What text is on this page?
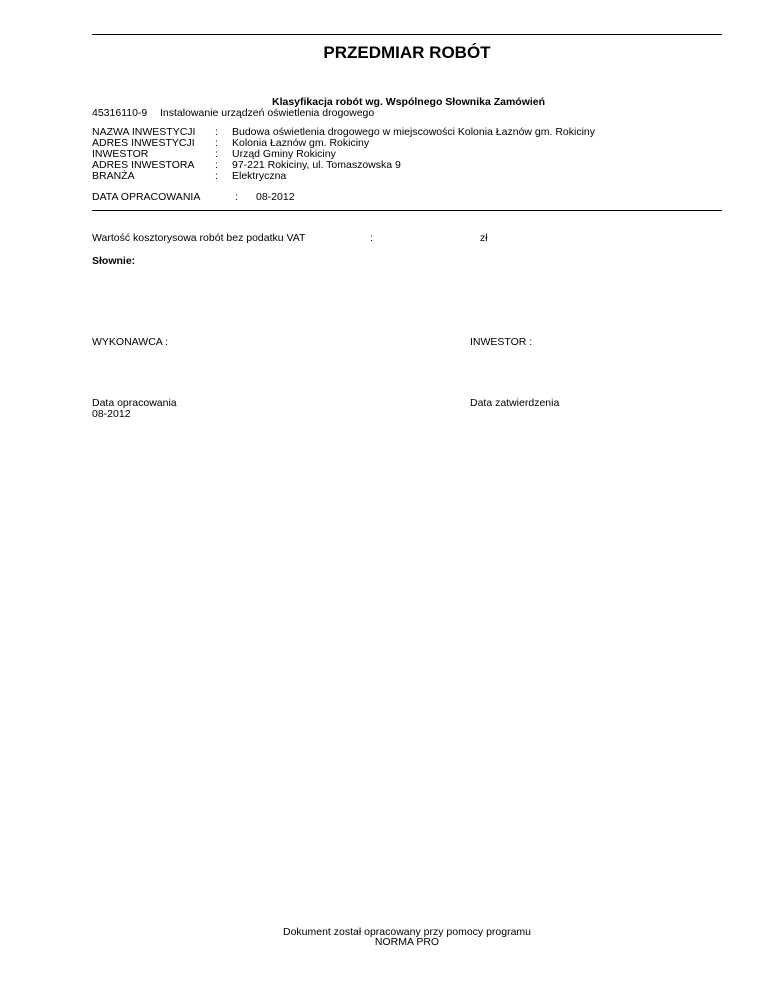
PRZEDMIAR ROBÓT
Klasyfikacja robót wg. Wspólnego Słownika Zamówień
45316110-9 Instalowanie urządzeń oświetlenia drogowego
NAZWA INWESTYCJI : Budowa oświetlenia drogowego w miejscowości Kolonia Łaznów gm. Rokiciny
ADRES INWESTYCJI : Kolonia Łaznów gm. Rokiciny
INWESTOR	: Urząd Gminy Rokiciny
ADRES INWESTORA : 97-221 Rokiciny, ul. Tomaszowska 9
BRANŻA	: Elektryczna
DATA OPRACOWANIA	: 08-2012
Wartość kosztorysowa robót bez podatku VAT	:	zł
Słownie:
WYKONAWCA :	INWESTOR :
Data opracowania
08-2012
Data zatwierdzenia
Dokument został opracowany przy pomocy programu
NORMA PRO
